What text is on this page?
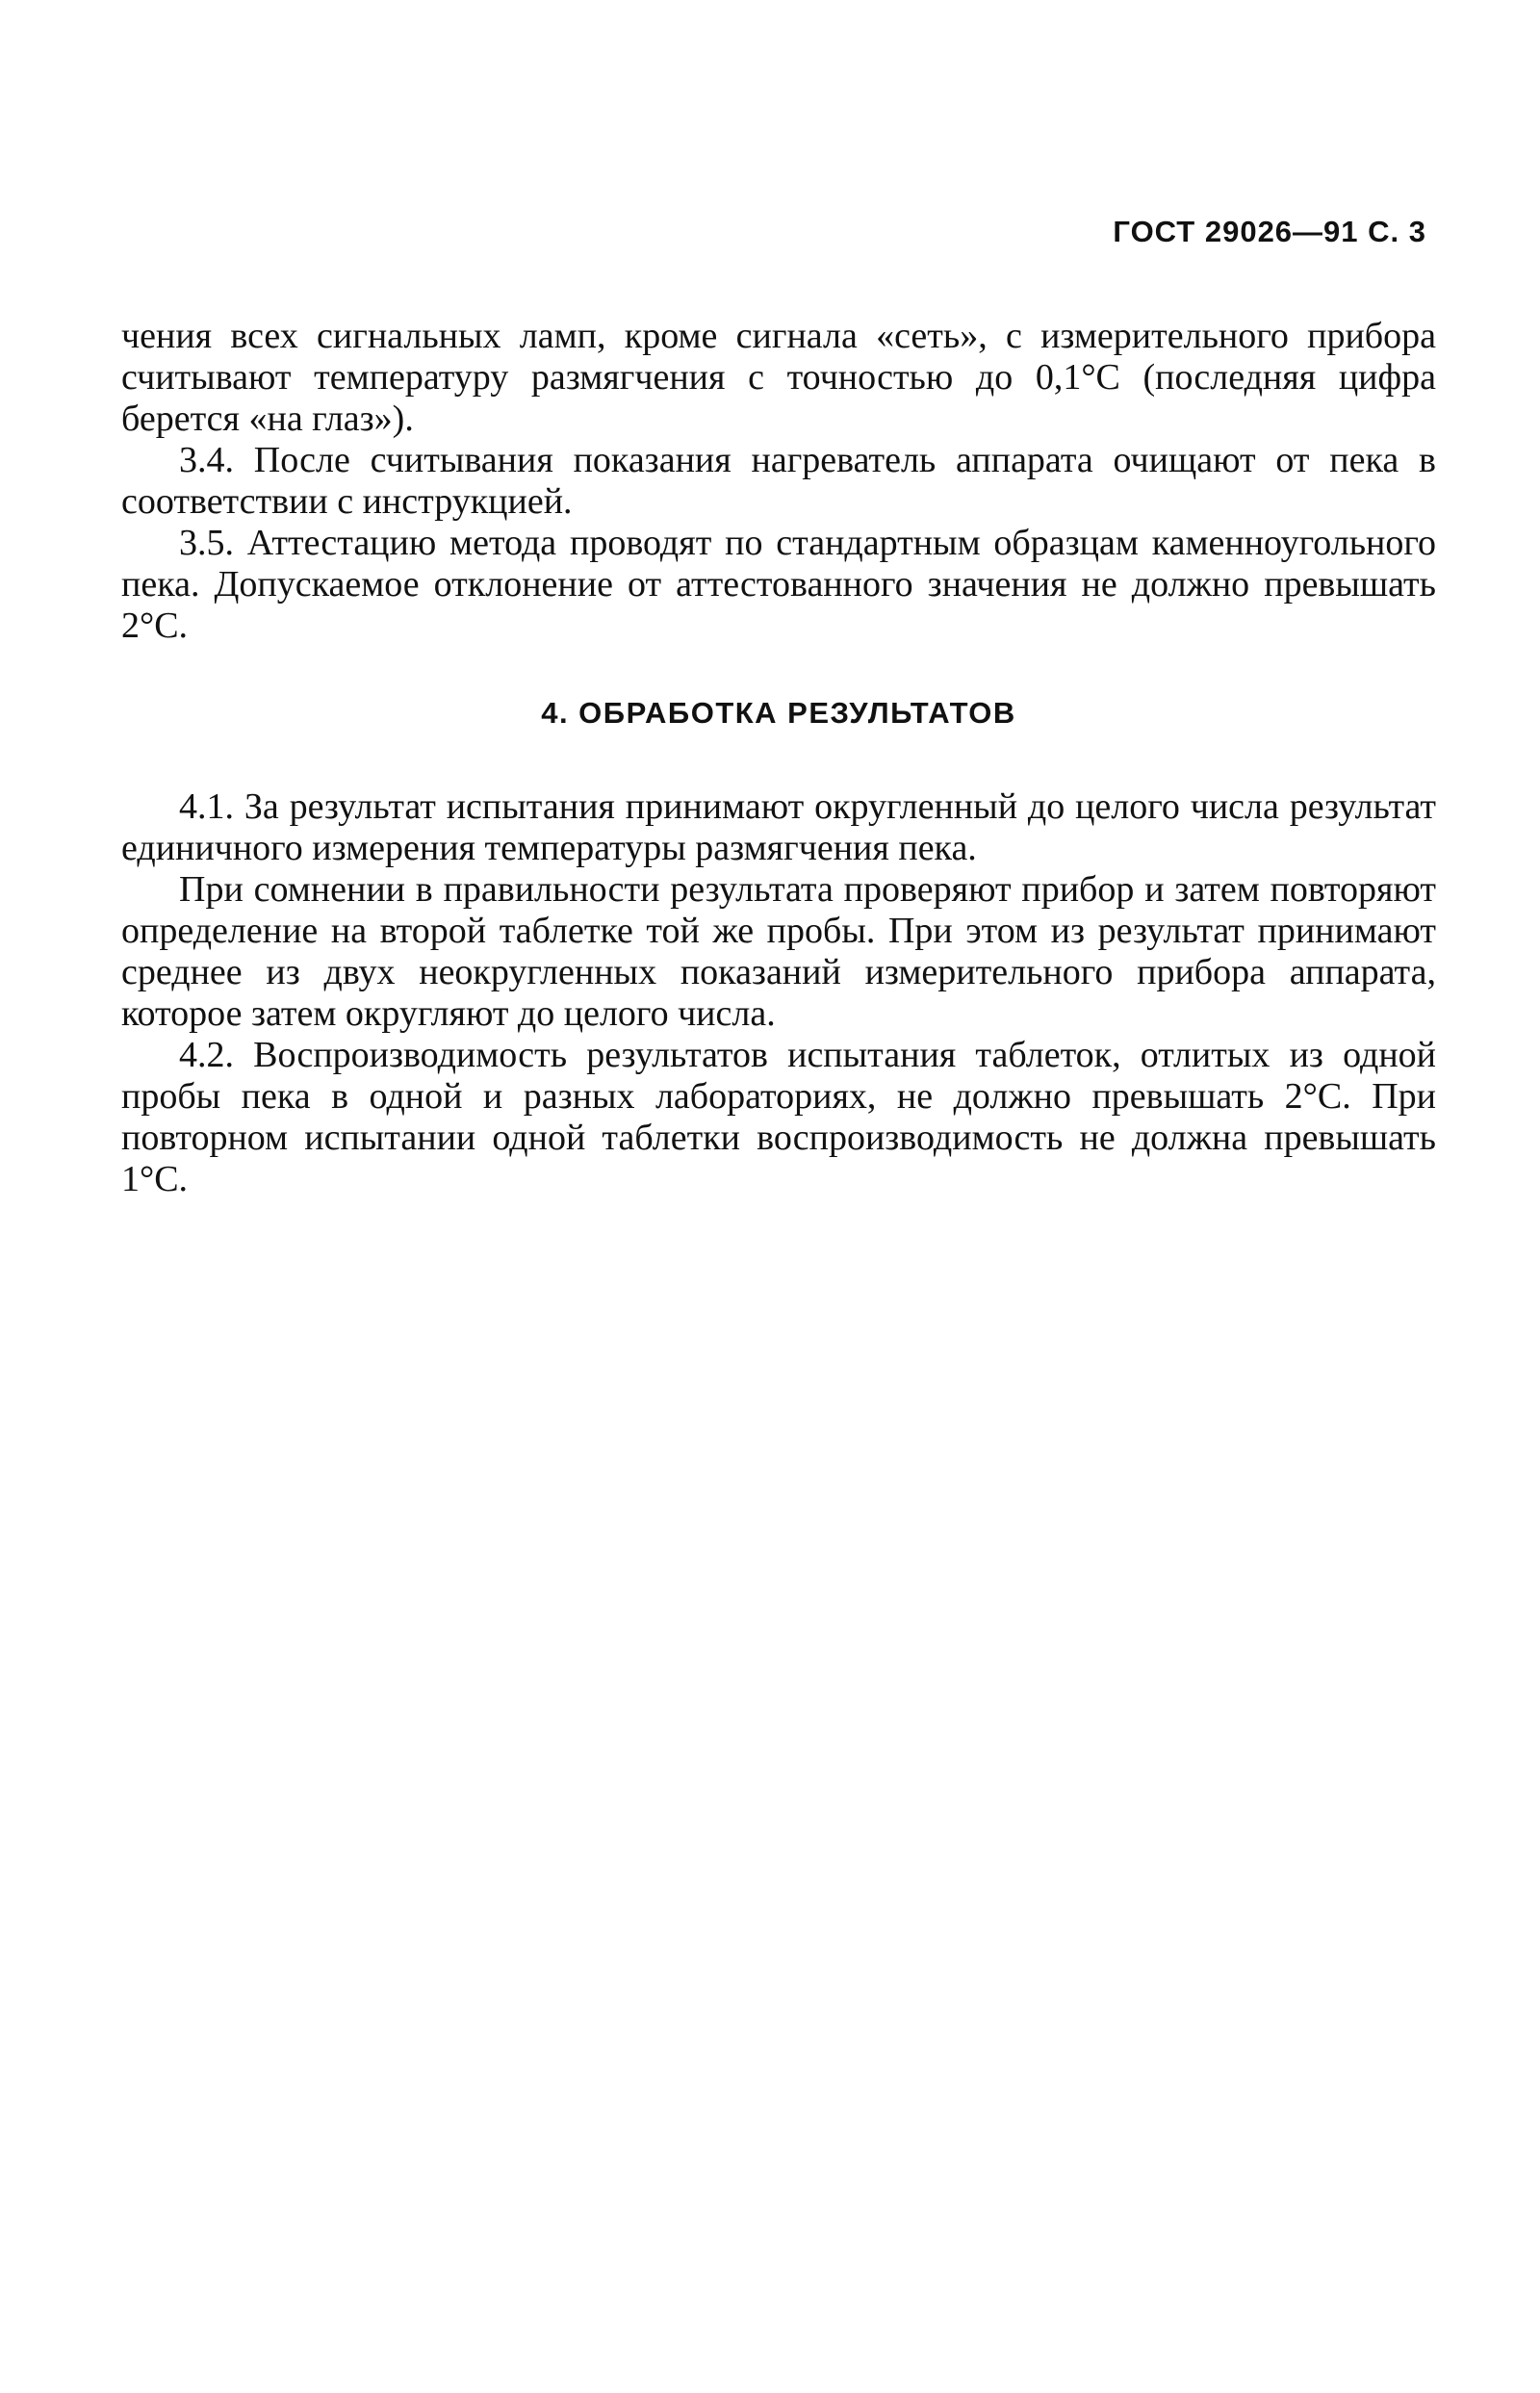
ГОСТ 29026—91 С. 3

чения всех сигнальных ламп, кроме сигнала «сеть», с измерительного прибора считывают температуру размягчения с точностью до 0,1°С (последняя цифра берется «на глаз»).

3.4. После считывания показания нагреватель аппарата очищают от пека в соответствии с инструкцией.

3.5. Аттестацию метода проводят по стандартным образцам каменноугольного пека. Допускаемое отклонение от аттестованного значения не должно превышать 2°С.

4. ОБРАБОТКА РЕЗУЛЬТАТОВ

4.1. За результат испытания принимают округленный до целого числа результат единичного измерения температуры размягчения пека.

При сомнении в правильности результата проверяют прибор и затем повторяют определение на второй таблетке той же пробы. При этом из результат принимают среднее из двух неокругленных показаний измерительного прибора аппарата, которое затем округляют до целого числа.

4.2. Воспроизводимость результатов испытания таблеток, отлитых из одной пробы пека в одной и разных лабораториях, не должно превышать 2°С. При повторном испытании одной таблетки воспроизводимость не должна превышать 1°С.
